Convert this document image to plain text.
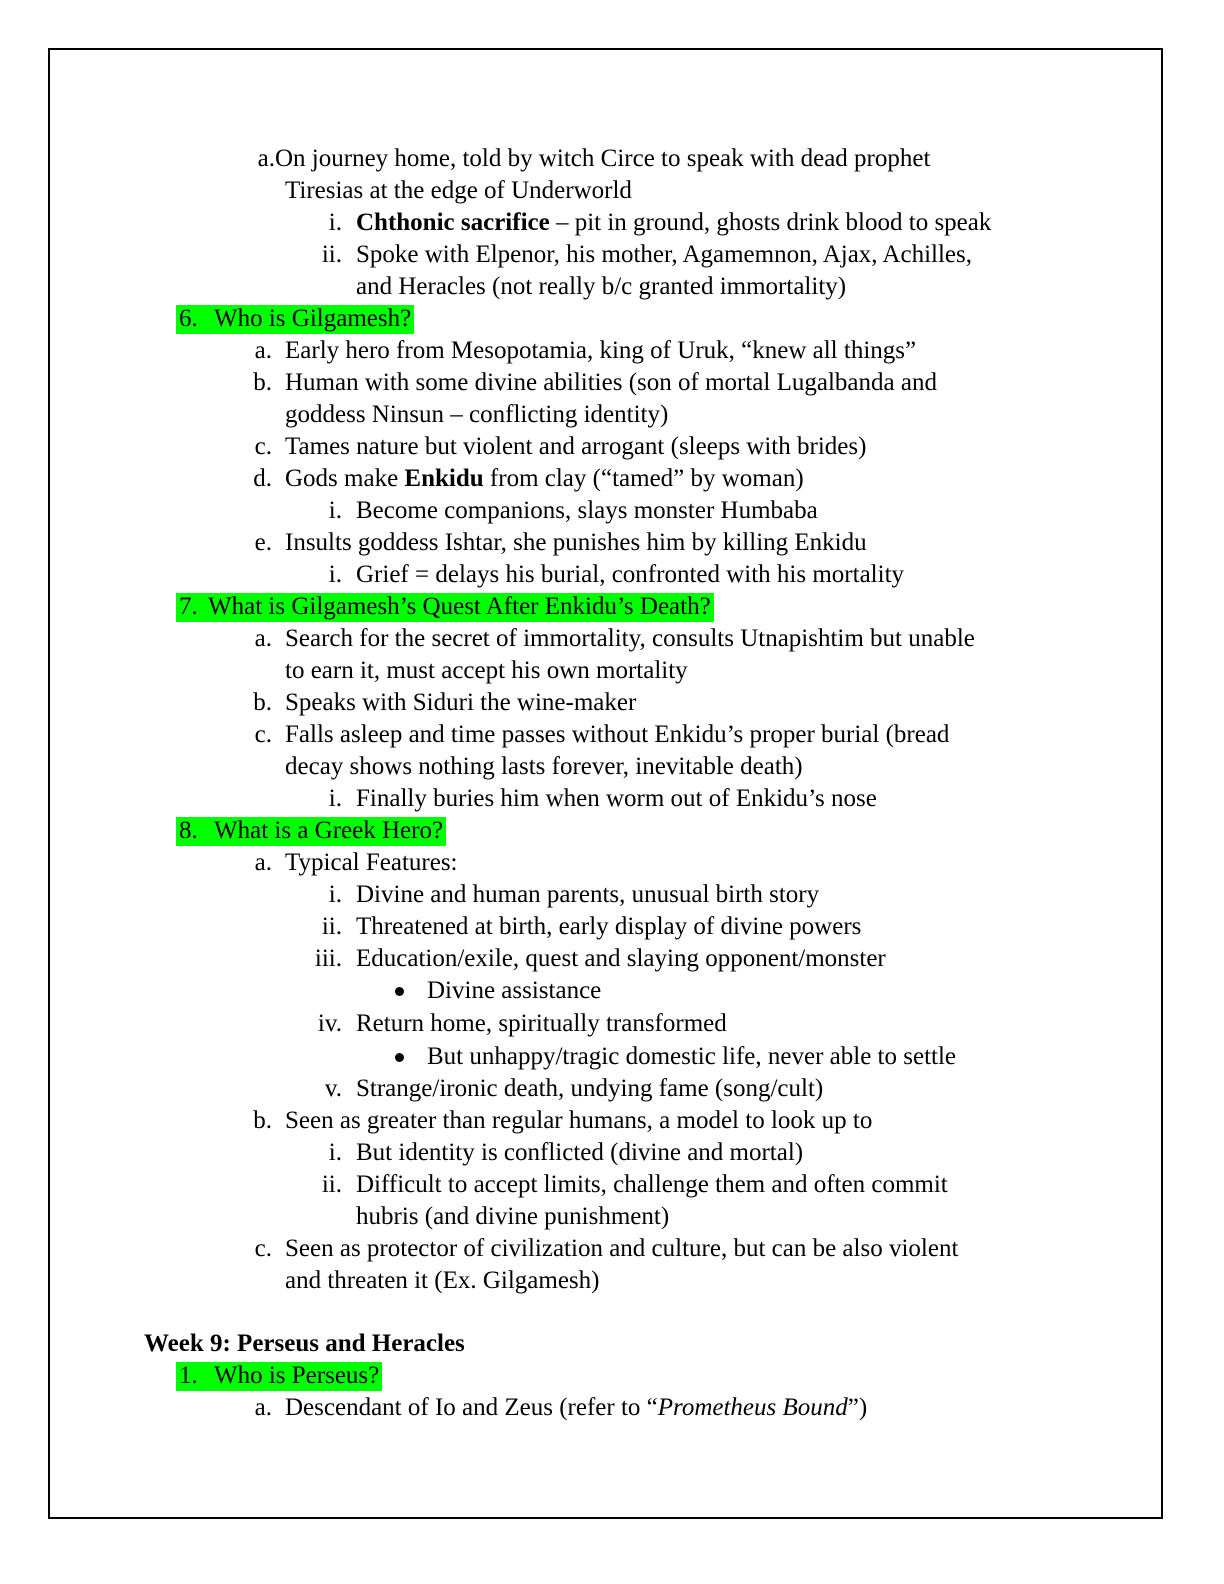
a. On journey home, told by witch Circe to speak with dead prophet
Tiresias at the edge of Underworld
i. Chthonic sacrifice – pit in ground, ghosts drink blood to speak
ii. Spoke with Elpenor, his mother, Agamemnon, Ajax, Achilles,
and Heracles (not really b/c granted immortality)
6. Who is Gilgamesh?
a. Early hero from Mesopotamia, king of Uruk, “knew all things”
b. Human with some divine abilities (son of mortal Lugalbanda and
goddess Ninsun – conflicting identity)
c. Tames nature but violent and arrogant (sleeps with brides)
d. Gods make Enkidu from clay (“tamed” by woman)
i. Become companions, slays monster Humbaba
e. Insults goddess Ishtar, she punishes him by killing Enkidu
i. Grief = delays his burial, confronted with his mortality
7. What is Gilgamesh’s Quest After Enkidu’s Death?
a. Search for the secret of immortality, consults Utnapishtim but unable
to earn it, must accept his own mortality
b. Speaks with Siduri the wine-maker
c. Falls asleep and time passes without Enkidu’s proper burial (bread
decay shows nothing lasts forever, inevitable death)
i. Finally buries him when worm out of Enkidu’s nose
8. What is a Greek Hero?
a. Typical Features:
i. Divine and human parents, unusual birth story
ii. Threatened at birth, early display of divine powers
iii. Education/exile, quest and slaying opponent/monster
Divine assistance
iv. Return home, spiritually transformed
But unhappy/tragic domestic life, never able to settle
v. Strange/ironic death, undying fame (song/cult)
b. Seen as greater than regular humans, a model to look up to
i. But identity is conflicted (divine and mortal)
ii. Difficult to accept limits, challenge them and often commit
hubris (and divine punishment)
c. Seen as protector of civilization and culture, but can be also violent
and threaten it (Ex. Gilgamesh)
Week 9: Perseus and Heracles
1. Who is Perseus?
a. Descendant of Io and Zeus (refer to “Prometheus Bound”)
